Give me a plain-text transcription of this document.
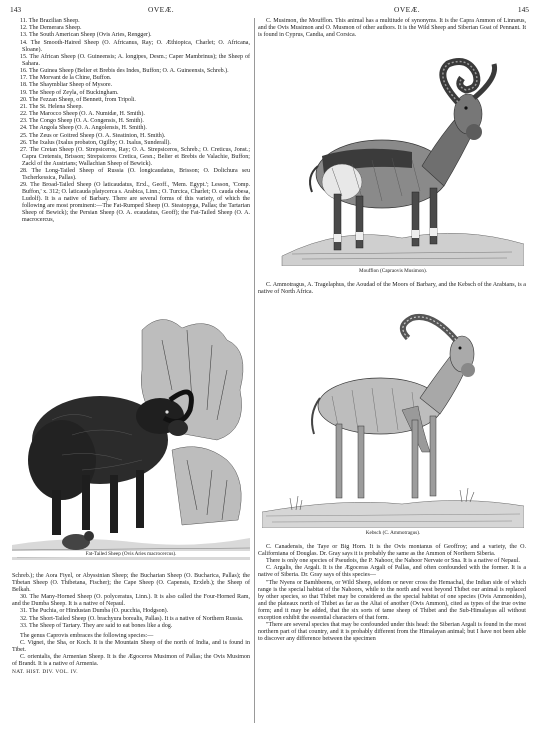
143	OVEÆ.	OVEÆ.	145

11. The Brazilian Sheep.

12. The Demerara Sheep.

13. The South American Sheep (Ovis Aries, Rengger).

14. The Smooth-Haired Sheep (O. Africanus, Ray; O. Æthiopica, Charlet; O. Africana, Sloane).

15. The African Sheep (O. Guineensis; A. longipes, Desm.; Caper Mambrinus); the Sheep of Sahara.

16. The Guinea Sheep (Belier et Brebis des Indes, Buffon; O. A. Guineensis, Schreb.).

17. The Morvant de la Chine, Buffon.

18. The Shaymbliar Sheep of Mysore.

19. The Sheep of Zeyla, of Buckingham.

20. The Fezzan Sheep, of Bennett, from Tripoli.

21. The St. Helena Sheep.

22. The Marocco Sheep (O. A. Numidæ, H. Smith).

23. The Congo Sheep (O. A. Congensis, H. Smith).

24. The Angola Sheep (O. A. Angolensis, H. Smith).

25. The Zeus or Goitred Sheep (O. A. Steatinion, H. Smith).

26. The Ixalus (Ixalus probaton, Ogilby; O. Ixalus, Sunderall).

27. The Cretan Sheep (O. Strepsiceros, Ray; O. A. Strepsiceros, Schreb.; O. Creticus, Jonst.; Capra Cretensis, Brisson; Strepsiceros Cretica, Gesn.; Belier et Brebis de Valachie, Buffon; Zackl of the Austrians; Wallachian Sheep of Bewick).

28. The Long-Tailed Sheep of Russia (O. longicaudatus, Brisson; O. Dolichura seu Tscherkessica, Pallas).

29. The Broad-Tailed Sheep (O laticaudatus, Erxl., Geoff., 'Mem. Egypt.'; Lesson, 'Comp. Buffon,' x. 312; O. laticauda platycerca s. Arabica, Linn.; O. Turcica, Charlet; O. cauda obesa, Ludolf). It is a native of Barbary. There are several forms of this variety, of which the following are most prominent:—The Fat-Rumped Sheep (O. Steatopyga, Pallas; the Tartarian Sheep of Bewick); the Persian Sheep (O. A. ecaudatus, Geoff); the Fat-Tailed Sheep (O. A. macrocercus,

Fat-Tailed Sheep (Ovis Aries macrocercus).

Schreb.); the Aora Fiyel, or Abyssinian Sheep; the Bucharian Sheep (O. Bucharica, Pallas); the Tibetan Sheep (O. Thibetana, Fischer); the Cape Sheep (O. Capensis, Erxleb.); the Sheep of Belkah.

30. The Many-Horned Sheep (O. polyceratus, Linn.). It is also called the Four-Horned Ram, and the Dumba Sheep. It is a native of Nepaul.

31. The Puchia, or Hindustan Dumba (O. pucchia, Hodgson).

32. The Short-Tailed Sheep (O. brachyura borealis, Pallas). It is a native of Northern Russia.

33. The Sheep of Tartary. They are said to eat bones like a dog.

The genus Caprovis embraces the following species:—

C. Vignei, the Sha, or Koch. It is the Mountain Sheep of the north of India, and is found in Tibet.

C. orientalis, the Armenian Sheep. It is the Ægoceros Musimon of Pallas; the Ovis Musimon of Brandt. It is a native of Armenia.

NAT. HIST. DIV. VOL. IV.

C. Musimon, the Moufflon. This animal has a multitude of synonyms. It is the Capra Ammon of Linnæus, and the Ovis Musimon and O. Musmon of other authors. It is the Wild Sheep and Siberian Goat of Pennant. It is found in Cyprus, Candia, and Corsica.

Moufflon (Capraovis Musimon).

C. Ammotragus, A. Tragelaphus, the Aoudad of the Moors of Barbary, and the Kebsch of the Arabians, is a native of North Africa.

Kebsch (C. Ammotragus).

C. Canadensis, the Taye or Big Horn. It is the Ovis montanus of Geoffroy; and a variety, the O. Californiana of Douglas. Dr. Gray says it is probably the same as the Ammon of Northern Siberia.

There is only one species of Pseudois, the P. Nahoor, the Nahoor Nervate or Sna. It is a native of Nepaul.

C. Argalis, the Argali. It is the Ægoceras Argali of Pallas, and often confounded with the former. It is a native of Siberia. Dr. Gray says of this species—

"The Nyens or Bamhbeens, or Wild Sheep, seldom or never cross the Hemachal, the Indian side of which range is the special habitat of the Nahoors, while to the north and west beyond Thibet our animal is replaced by other species, so that Thibet may be considered as the special habitat of one species (Ovis Ammonides), and the plateaux north of Thibet as far as the Altai of another (Ovis Ammon), cited as types of the true ovine form; and it may be added, that the six sorts of tame sheep of Thibet and the Sub-Himalayas all without exception exhibit the essential characters of that form.

"There are several species that may be confounded under this head: the Siberian Argali is found in the most northern part of that country, and it is probably different from the Himalayan animal; but I have not been able to discover any difference between the specimen
